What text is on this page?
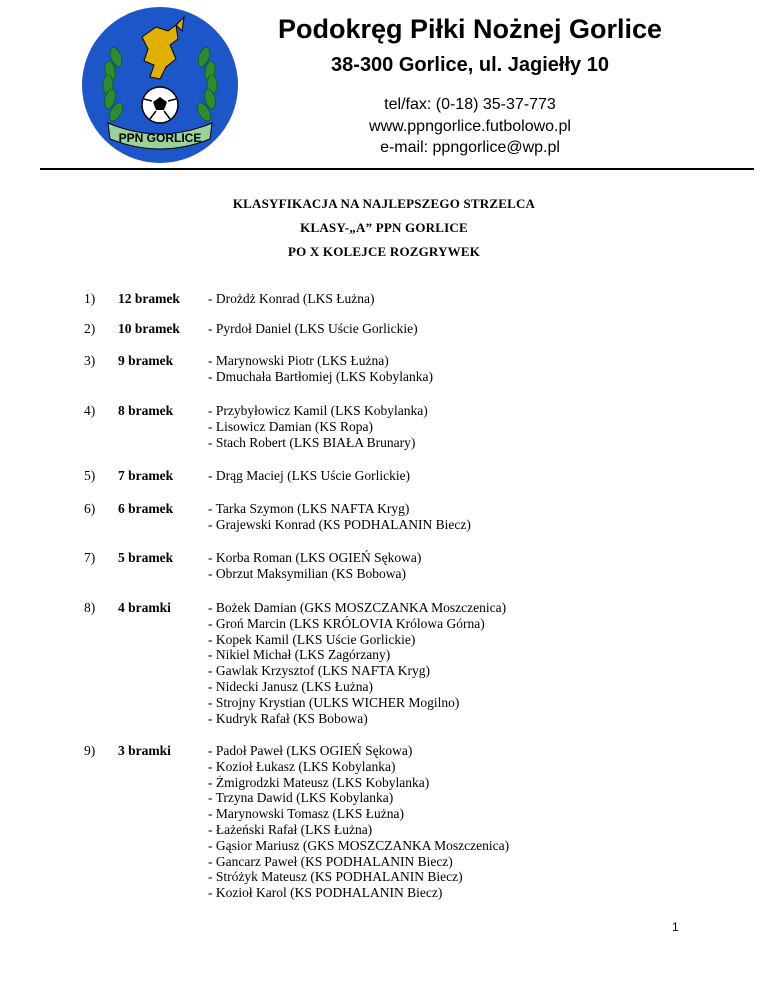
PPN GORLICE
Podokręg Piłki Nożnej Gorlice
38-300 Gorlice, ul. Jagiełły 10
tel/fax: (0-18) 35-37-773
www.ppngorlice.futbolowo.pl
e-mail: ppngorlice@wp.pl
KLASYFIKACJA NA NAJLEPSZEGO STRZELCA
KLASY-„A” PPN GORLICE
PO X KOLEJCE ROZGRYWEK
1) 12 bramek - Drożdż Konrad (LKS Łużna)
2) 10 bramek - Pyrdoł Daniel (LKS Uście Gorlickie)
3) 9 bramek	- Marynowski Piotr (LKS Łużna)
- Dmuchała Bartłomiej (LKS Kobylanka)
4) 8 bramek	- Przybyłowicz Kamil (LKS Kobylanka)
- Lisowicz Damian (KS Ropa)
- Stach Robert (LKS BIAŁA Brunary)
5) 7 bramek	- Drąg Maciej (LKS Uście Gorlickie)
6) 6 bramek	- Tarka Szymon (LKS NAFTA Kryg)
- Grajewski Konrad (KS PODHALANIN Biecz)
7) 5 bramek	- Korba Roman (LKS OGIEŃ Sękowa)
- Obrzut Maksymilian (KS Bobowa)
8) 4 bramki	- Bożek Damian (GKS MOSZCZANKA Moszczenica)
- Groń Marcin (LKS KRÓLOVIA Królowa Górna)
- Kopek Kamil (LKS Uście Gorlickie)
- Nikiel Michał (LKS Zagórzany)
- Gawlak Krzysztof (LKS NAFTA Kryg)
- Nidecki Janusz (LKS Łużna)
- Strojny Krystian (ULKS WICHER Mogilno)
- Kudryk Rafał (KS Bobowa)
9) 3 bramki	- Padoł Paweł (LKS OGIEŃ Sękowa)
- Kozioł Łukasz (LKS Kobylanka)
- Żmigrodzki Mateusz (LKS Kobylanka)
- Trzyna Dawid (LKS Kobylanka)
- Marynowski Tomasz (LKS Łużna)
- Łażeński Rafał (LKS Łużna)
- Gąsior Mariusz (GKS MOSZCZANKA Moszczenica)
- Gancarz Paweł (KS PODHALANIN Biecz)
- Stróżyk Mateusz (KS PODHALANIN Biecz)
- Kozioł Karol (KS PODHALANIN Biecz)
1
